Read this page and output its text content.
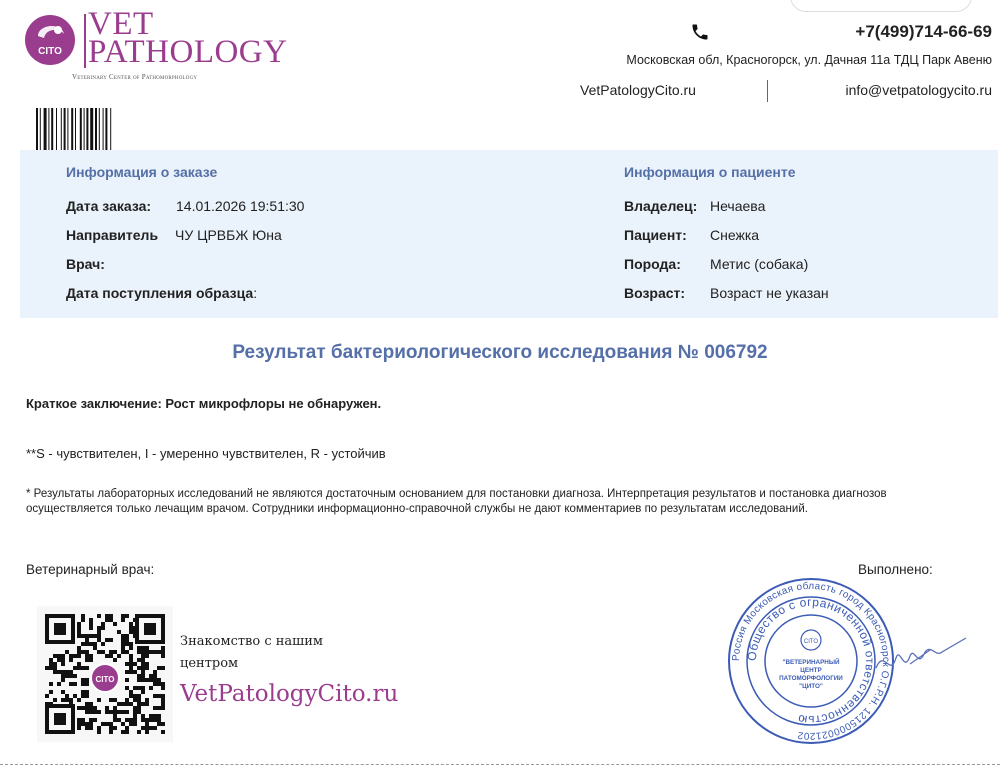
CITO
VET
PATHOLOGY
Veterinary Center of Pathomorphology
+7(499)714-66-69
Московская обл, Красногорск, ул. Дачная 11а ТДЦ Парк Авеню
VetPatologyCito.ru	info@vetpatologycito.ru
Информация о заказе
Дата заказа: 14.01.2026 19:51:30
Направитель ЧУ ЦРВБЖ Юна
Врач:
Дата поступления образца:
Информация о пациенте
Владелец: Нечаева
Пациент: Снежка
Порода: Метис (собака)
Возраст: Возраст не указан
Результат бактериологического исследования № 006792
Краткое заключение: Рост микрофлоры не обнаружен.
**S - чувствителен, I - умеренно чувствителен, R - устойчив
* Результаты лабораторных исследований не являются достаточным основанием для постановки диагноза. Интерпретация результатов и постановка диагнозов осуществляется только лечащим врачом. Сотрудники информационно-справочной службы не дают комментариев по результатам исследований.
Ветеринарный врач:	Выполнено:
CITO
Знакомство с нашим
центром
VetPatologyCito.ru
Россия Московская область город Красногорск О.Г.Р.Н. 1215000021202
Общество с ограниченной ответственностью
CITO
"ВЕТЕРИНАРНЫЙ
ЦЕНТР
ПАТОМОРФОЛОГИИ
"ЦИТО"
